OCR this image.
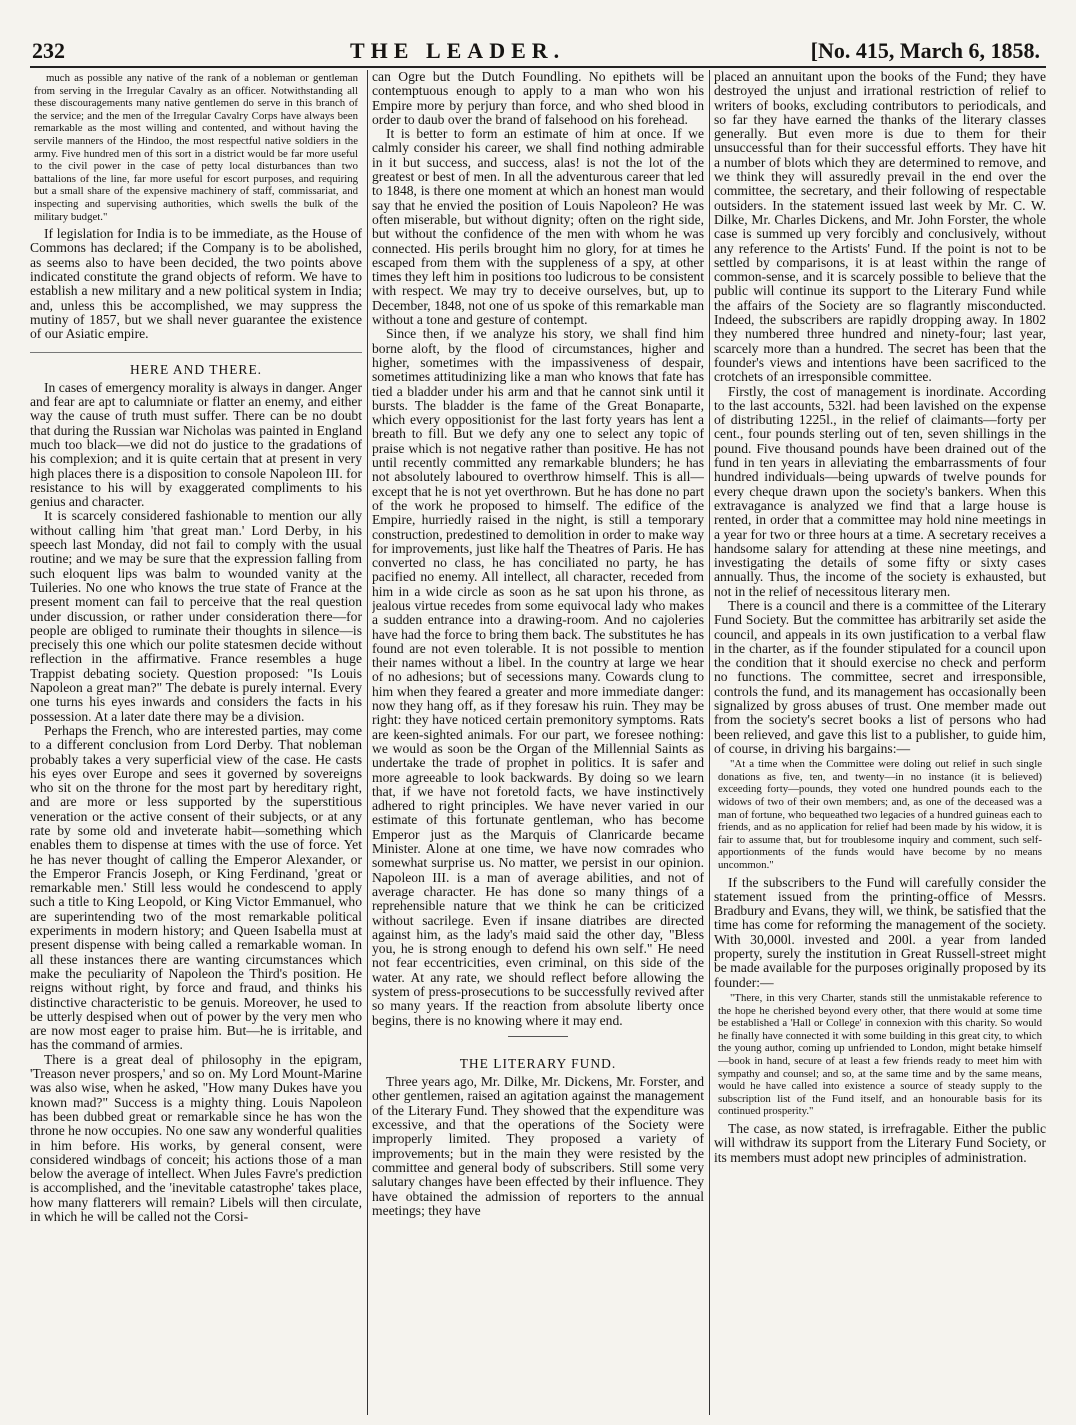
232	THE LEADER.	[No. 415, March 6, 1858.

much as possible any native of the rank of a nobleman or gentleman from serving in the Irregular Cavalry as an officer. Notwithstanding all these discouragements many native gentlemen do serve in this branch of the service; and the men of the Irregular Cavalry Corps have always been remarkable as the most willing and contented, and without having the servile manners of the Hindoo, the most respectful native soldiers in the army. Five hundred men of this sort in a district would be far more useful to the civil power in the case of petty local disturbances than two battalions of the line, far more useful for escort purposes, and requiring but a small share of the expensive machinery of staff, commissariat, and inspecting and supervising authorities, which swells the bulk of the military budget."

If legislation for India is to be immediate, as the House of Commons has declared; if the Company is to be abolished, as seems also to have been decided, the two points above indicated constitute the grand objects of reform. We have to establish a new military and a new political system in India; and, unless this be accomplished, we may suppress the mutiny of 1857, but we shall never guarantee the existence of our Asiatic empire.

HERE AND THERE.

In cases of emergency morality is always in danger. Anger and fear are apt to calumniate or flatter an enemy, and either way the cause of truth must suffer. There can be no doubt that during the Russian war Nicholas was painted in England much too black—we did not do justice to the gradations of his complexion; and it is quite certain that at present in very high places there is a disposition to console Napoleon III. for resistance to his will by exaggerated compliments to his genius and character.

It is scarcely considered fashionable to mention our ally without calling him 'that great man.' Lord Derby, in his speech last Monday, did not fail to comply with the usual routine; and we may be sure that the expression falling from such eloquent lips was balm to wounded vanity at the Tuileries. No one who knows the true state of France at the present moment can fail to perceive that the real question under discussion, or rather under consideration there—for people are obliged to ruminate their thoughts in silence—is precisely this one which our polite statesmen decide without reflection in the affirmative. France resembles a huge Trappist debating society. Question proposed: "Is Louis Napoleon a great man?" The debate is purely internal. Every one turns his eyes inwards and considers the facts in his possession. At a later date there may be a division.

Perhaps the French, who are interested parties, may come to a different conclusion from Lord Derby. That nobleman probably takes a very superficial view of the case. He casts his eyes over Europe and sees it governed by sovereigns who sit on the throne for the most part by hereditary right, and are more or less supported by the superstitious veneration or the active consent of their subjects, or at any rate by some old and inveterate habit—something which enables them to dispense at times with the use of force. Yet he has never thought of calling the Emperor Alexander, or the Emperor Francis Joseph, or King Ferdinand, 'great or remarkable men.' Still less would he condescend to apply such a title to King Leopold, or King Victor Emmanuel, who are superintending two of the most remarkable political experiments in modern history; and Queen Isabella must at present dispense with being called a remarkable woman. In all these instances there are wanting circumstances which make the peculiarity of Napoleon the Third's position. He reigns without right, by force and fraud, and thinks his distinctive characteristic to be genuis. Moreover, he used to be utterly despised when out of power by the very men who are now most eager to praise him. But—he is irritable, and has the command of armies.

There is a great deal of philosophy in the epigram, 'Treason never prospers,' and so on. My Lord Mount-Marine was also wise, when he asked, "How many Dukes have you known mad?" Success is a mighty thing. Louis Napoleon has been dubbed great or remarkable since he has won the throne he now occupies. No one saw any wonderful qualities in him before. His works, by general consent, were considered windbags of conceit; his actions those of a man below the average of intellect. When Jules Favre's prediction is accomplished, and the 'inevitable catastrophe' takes place, how many flatterers will remain? Libels will then circulate, in which he will be called not the Corsi-

can Ogre but the Dutch Foundling. No epithets will be contemptuous enough to apply to a man who won his Empire more by perjury than force, and who shed blood in order to daub over the brand of falsehood on his forehead.

It is better to form an estimate of him at once. If we calmly consider his career, we shall find nothing admirable in it but success, and success, alas! is not the lot of the greatest or best of men. In all the adventurous career that led to 1848, is there one moment at which an honest man would say that he envied the position of Louis Napoleon? He was often miserable, but without dignity; often on the right side, but without the confidence of the men with whom he was connected. His perils brought him no glory, for at times he escaped from them with the suppleness of a spy, at other times they left him in positions too ludicrous to be consistent with respect. We may try to deceive ourselves, but, up to December, 1848, not one of us spoke of this remarkable man without a tone and gesture of contempt.

Since then, if we analyze his story, we shall find him borne aloft, by the flood of circumstances, higher and higher, sometimes with the impassiveness of despair, sometimes attitudinizing like a man who knows that fate has tied a bladder under his arm and that he cannot sink until it bursts. The bladder is the fame of the Great Bonaparte, which every oppositionist for the last forty years has lent a breath to fill. But we defy any one to select any topic of praise which is not negative rather than positive. He has not until recently committed any remarkable blunders; he has not absolutely laboured to overthrow himself. This is all—except that he is not yet overthrown. But he has done no part of the work he proposed to himself. The edifice of the Empire, hurriedly raised in the night, is still a temporary construction, predestined to demolition in order to make way for improvements, just like half the Theatres of Paris. He has converted no class, he has conciliated no party, he has pacified no enemy. All intellect, all character, receded from him in a wide circle as soon as he sat upon his throne, as jealous virtue recedes from some equivocal lady who makes a sudden entrance into a drawing-room. And no cajoleries have had the force to bring them back. The substitutes he has found are not even tolerable. It is not possible to mention their names without a libel. In the country at large we hear of no adhesions; but of secessions many. Cowards clung to him when they feared a greater and more immediate danger: now they hang off, as if they foresaw his ruin. They may be right: they have noticed certain premonitory symptoms. Rats are keen-sighted animals. For our part, we foresee nothing: we would as soon be the Organ of the Millennial Saints as undertake the trade of prophet in politics. It is safer and more agreeable to look backwards. By doing so we learn that, if we have not foretold facts, we have instinctively adhered to right principles. We have never varied in our estimate of this fortunate gentleman, who has become Emperor just as the Marquis of Clanricarde became Minister. Alone at one time, we have now comrades who somewhat surprise us. No matter, we persist in our opinion. Napoleon III. is a man of average abilities, and not of average character. He has done so many things of a reprehensible nature that we think he can be criticized without sacrilege. Even if insane diatribes are directed against him, as the lady's maid said the other day, "Bless you, he is strong enough to defend his own self." He need not fear eccentricities, even criminal, on this side of the water. At any rate, we should reflect before allowing the system of press-prosecutions to be successfully revived after so many years. If the reaction from absolute liberty once begins, there is no knowing where it may end.

THE LITERARY FUND.

Three years ago, Mr. Dilke, Mr. Dickens, Mr. Forster, and other gentlemen, raised an agitation against the management of the Literary Fund. They showed that the expenditure was excessive, and that the operations of the Society were improperly limited. They proposed a variety of improvements; but in the main they were resisted by the committee and general body of subscribers. Still some very salutary changes have been effected by their influence. They have obtained the admission of reporters to the annual meetings; they have

placed an annuitant upon the books of the Fund; they have destroyed the unjust and irrational restriction of relief to writers of books, excluding contributors to periodicals, and so far they have earned the thanks of the literary classes generally. But even more is due to them for their unsuccessful than for their successful efforts. They have hit a number of blots which they are determined to remove, and we think they will assuredly prevail in the end over the committee, the secretary, and their following of respectable outsiders. In the statement issued last week by Mr. C. W. Dilke, Mr. Charles Dickens, and Mr. John Forster, the whole case is summed up very forcibly and conclusively, without any reference to the Artists' Fund. If the point is not to be settled by comparisons, it is at least within the range of common-sense, and it is scarcely possible to believe that the public will continue its support to the Literary Fund while the affairs of the Society are so flagrantly misconducted. Indeed, the subscribers are rapidly dropping away. In 1802 they numbered three hundred and ninety-four; last year, scarcely more than a hundred. The secret has been that the founder's views and intentions have been sacrificed to the crotchets of an irresponsible committee.

Firstly, the cost of management is inordinate. According to the last accounts, 532l. had been lavished on the expense of distributing 1225l., in the relief of claimants—forty per cent., four pounds sterling out of ten, seven shillings in the pound. Five thousand pounds have been drained out of the fund in ten years in alleviating the embarrassments of four hundred individuals—being upwards of twelve pounds for every cheque drawn upon the society's bankers. When this extravagance is analyzed we find that a large house is rented, in order that a committee may hold nine meetings in a year for two or three hours at a time. A secretary receives a handsome salary for attending at these nine meetings, and investigating the details of some fifty or sixty cases annually. Thus, the income of the society is exhausted, but not in the relief of necessitous literary men.

There is a council and there is a committee of the Literary Fund Society. But the committee has arbitrarily set aside the council, and appeals in its own justification to a verbal flaw in the charter, as if the founder stipulated for a council upon the condition that it should exercise no check and perform no functions. The committee, secret and irresponsible, controls the fund, and its management has occasionally been signalized by gross abuses of trust. One member made out from the society's secret books a list of persons who had been relieved, and gave this list to a publisher, to guide him, of course, in driving his bargains:—

"At a time when the Committee were doling out relief in such single donations as five, ten, and twenty—in no instance (it is believed) exceeding forty—pounds, they voted one hundred pounds each to the widows of two of their own members; and, as one of the deceased was a man of fortune, who bequeathed two legacies of a hundred guineas each to friends, and as no application for relief had been made by his widow, it is fair to assume that, but for troublesome inquiry and comment, such self-apportionments of the funds would have become by no means uncommon."

If the subscribers to the Fund will carefully consider the statement issued from the printing-office of Messrs. Bradbury and Evans, they will, we think, be satisfied that the time has come for reforming the management of the society. With 30,000l. invested and 200l. a year from landed property, surely the institution in Great Russell-street might be made available for the purposes originally proposed by its founder:—

"There, in this very Charter, stands still the unmistakable reference to the hope he cherished beyond every other, that there would at some time be established a 'Hall or College' in connexion with this charity. So would he finally have connected it with some building in this great city, to which the young author, coming up unfriended to London, might betake himself—book in hand, secure of at least a few friends ready to meet him with sympathy and counsel; and so, at the same time and by the same means, would he have called into existence a source of steady supply to the subscription list of the Fund itself, and an honourable basis for its continued prosperity."

The case, as now stated, is irrefragable. Either the public will withdraw its support from the Literary Fund Society, or its members must adopt new principles of administration.
